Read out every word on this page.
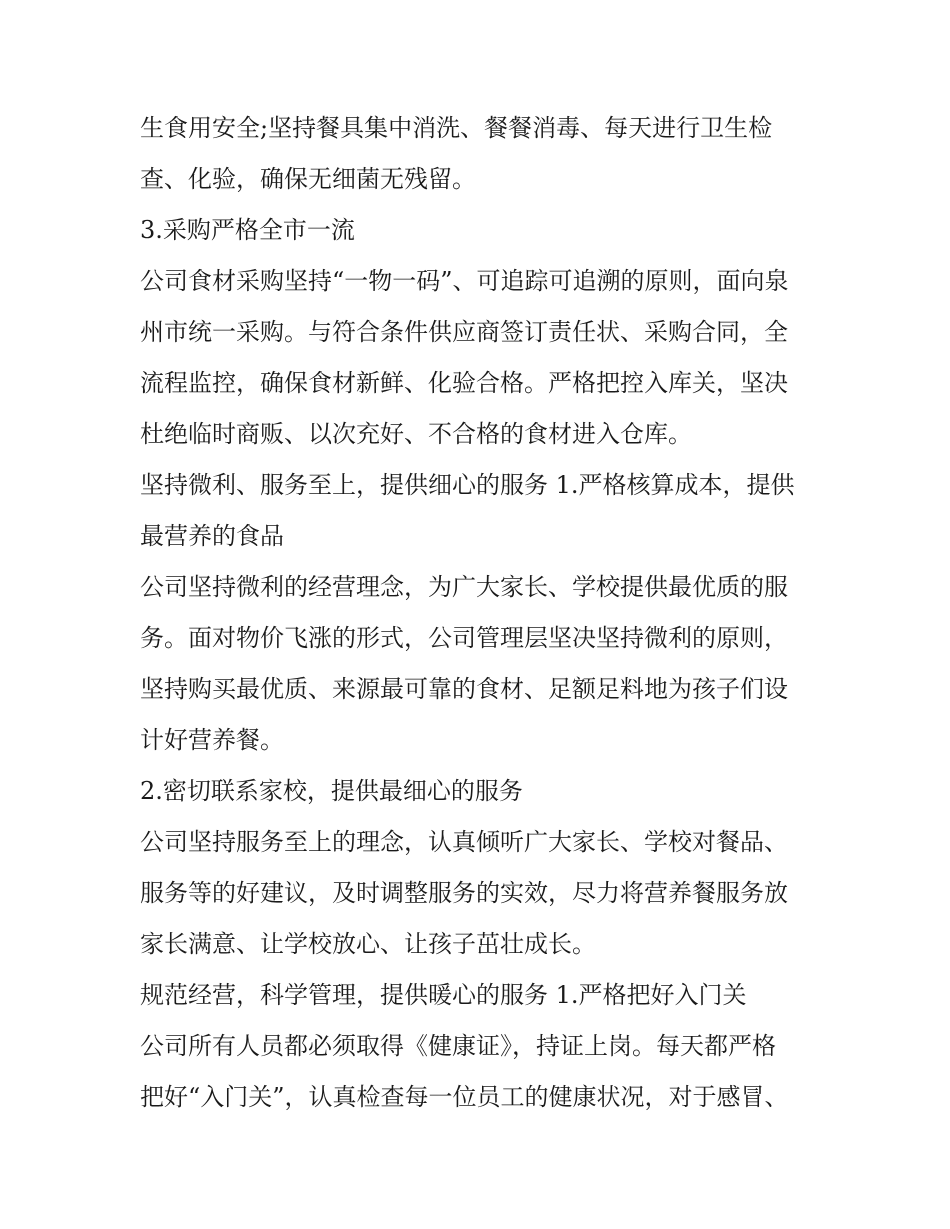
生食用安全;坚持餐具集中消洗、餐餐消毒、每天进行卫生检
查、化验，确保无细菌无残留。
3.采购严格全市一流
公司食材采购坚持“一物一码”、可追踪可追溯的原则，面向泉
州市统一采购。与符合条件供应商签订责任状、采购合同，全
流程监控，确保食材新鲜、化验合格。严格把控入库关，坚决
杜绝临时商贩、以次充好、不合格的食材进入仓库。
坚持微利、服务至上，提供细心的服务 1.严格核算成本，提供
最营养的食品
公司坚持微利的经营理念，为广大家长、学校提供最优质的服
务。面对物价飞涨的形式，公司管理层坚决坚持微利的原则，
坚持购买最优质、来源最可靠的食材、足额足料地为孩子们设
计好营养餐。
2.密切联系家校，提供最细心的服务
公司坚持服务至上的理念，认真倾听广大家长、学校对餐品、
服务等的好建议，及时调整服务的实效，尽力将营养餐服务放
家长满意、让学校放心、让孩子茁壮成长。
规范经营，科学管理，提供暖心的服务 1.严格把好入门关
公司所有人员都必须取得《健康证》，持证上岗。每天都严格
把好“入门关”，认真检查每一位员工的健康状况，对于感冒、
